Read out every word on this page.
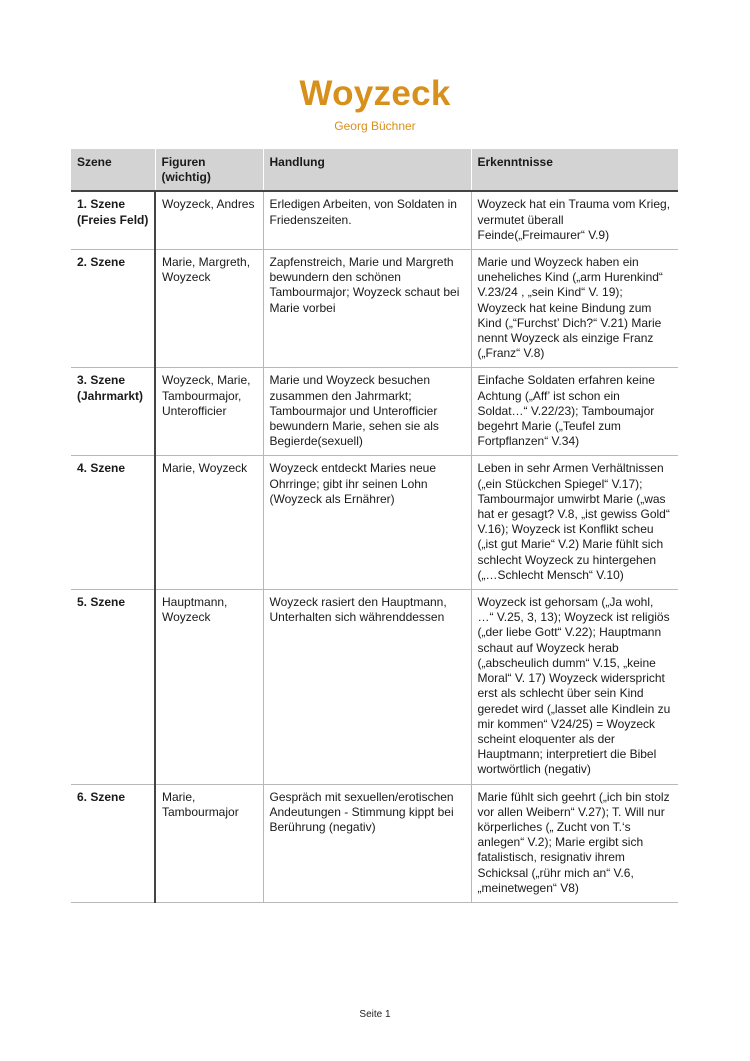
Woyzeck
Georg Büchner
Szene	Figuren (wichtig)	Handlung	Erkenntnisse
1. Szene (Freies Feld)	Woyzeck, Andres	Erledigen Arbeiten, von Soldaten in Friedenszeiten.	Woyzeck hat ein Trauma vom Krieg, vermutet überall Feinde(„Freimaurer“ V.9)
2. Szene	Marie, Margreth, Woyzeck	Zapfenstreich, Marie und Margreth bewundern den schönen Tambourmajor; Woyzeck schaut bei Marie vorbei	Marie und Woyzeck haben ein uneheliches Kind („arm Hurenkind“ V.23/24 , „sein Kind“ V. 19); Woyzeck hat keine Bindung zum Kind („“Furchst’ Dich?“ V.21) Marie nennt Woyzeck als einzige Franz („Franz“ V.8)
3. Szene (Jahrmarkt)	Woyzeck, Marie, Tambourmajor, Unterofficier	Marie und Woyzeck besuchen zusammen den Jahrmarkt; Tambourmajor und Unterofficier bewundern Marie, sehen sie als Begierde(sexuell)	Einfache Soldaten erfahren keine Achtung („Aff’ ist schon ein Soldat…“ V.22/23); Tamboumajor begehrt Marie („Teufel zum Fortpflanzen“ V.34)
4. Szene	Marie, Woyzeck	Woyzeck entdeckt Maries neue Ohrringe; gibt ihr seinen Lohn (Woyzeck als Ernährer)	Leben in sehr Armen Verhältnissen („ein Stückchen Spiegel“ V.17); Tambourmajor umwirbt Marie („was hat er gesagt? V.8, „ist gewiss Gold“ V.16); Woyzeck ist Konflikt scheu („ist gut Marie“ V.2) Marie fühlt sich schlecht Woyzeck zu hintergehen („…Schlecht Mensch“ V.10)
5. Szene	Hauptmann, Woyzeck	Woyzeck rasiert den Hauptmann, Unterhalten sich währenddessen	Woyzeck ist gehorsam („Ja wohl, …“ V.25, 3, 13); Woyzeck ist religiös („der liebe Gott“ V.22); Hauptmann schaut auf Woyzeck herab („abscheulich dumm“ V.15, „keine Moral“ V. 17) Woyzeck widerspricht erst als schlecht über sein Kind geredet wird („lasset alle Kindlein zu mir kommen“ V24/25) = Woyzeck scheint eloquenter als der Hauptmann; interpretiert die Bibel wortwörtlich (negativ)
6. Szene	Marie, Tambourmajor	Gespräch mit sexuellen/erotischen Andeutungen - Stimmung kippt bei Berührung (negativ)	Marie fühlt sich geehrt („ich bin stolz vor allen Weibern“ V.27); T. Will nur körperliches („ Zucht von T.‘s anlegen“ V.2); Marie ergibt sich fatalistisch, resignativ ihrem Schicksal („rühr mich an“ V.6, „meinetwegen“ V8)
Seite 1
